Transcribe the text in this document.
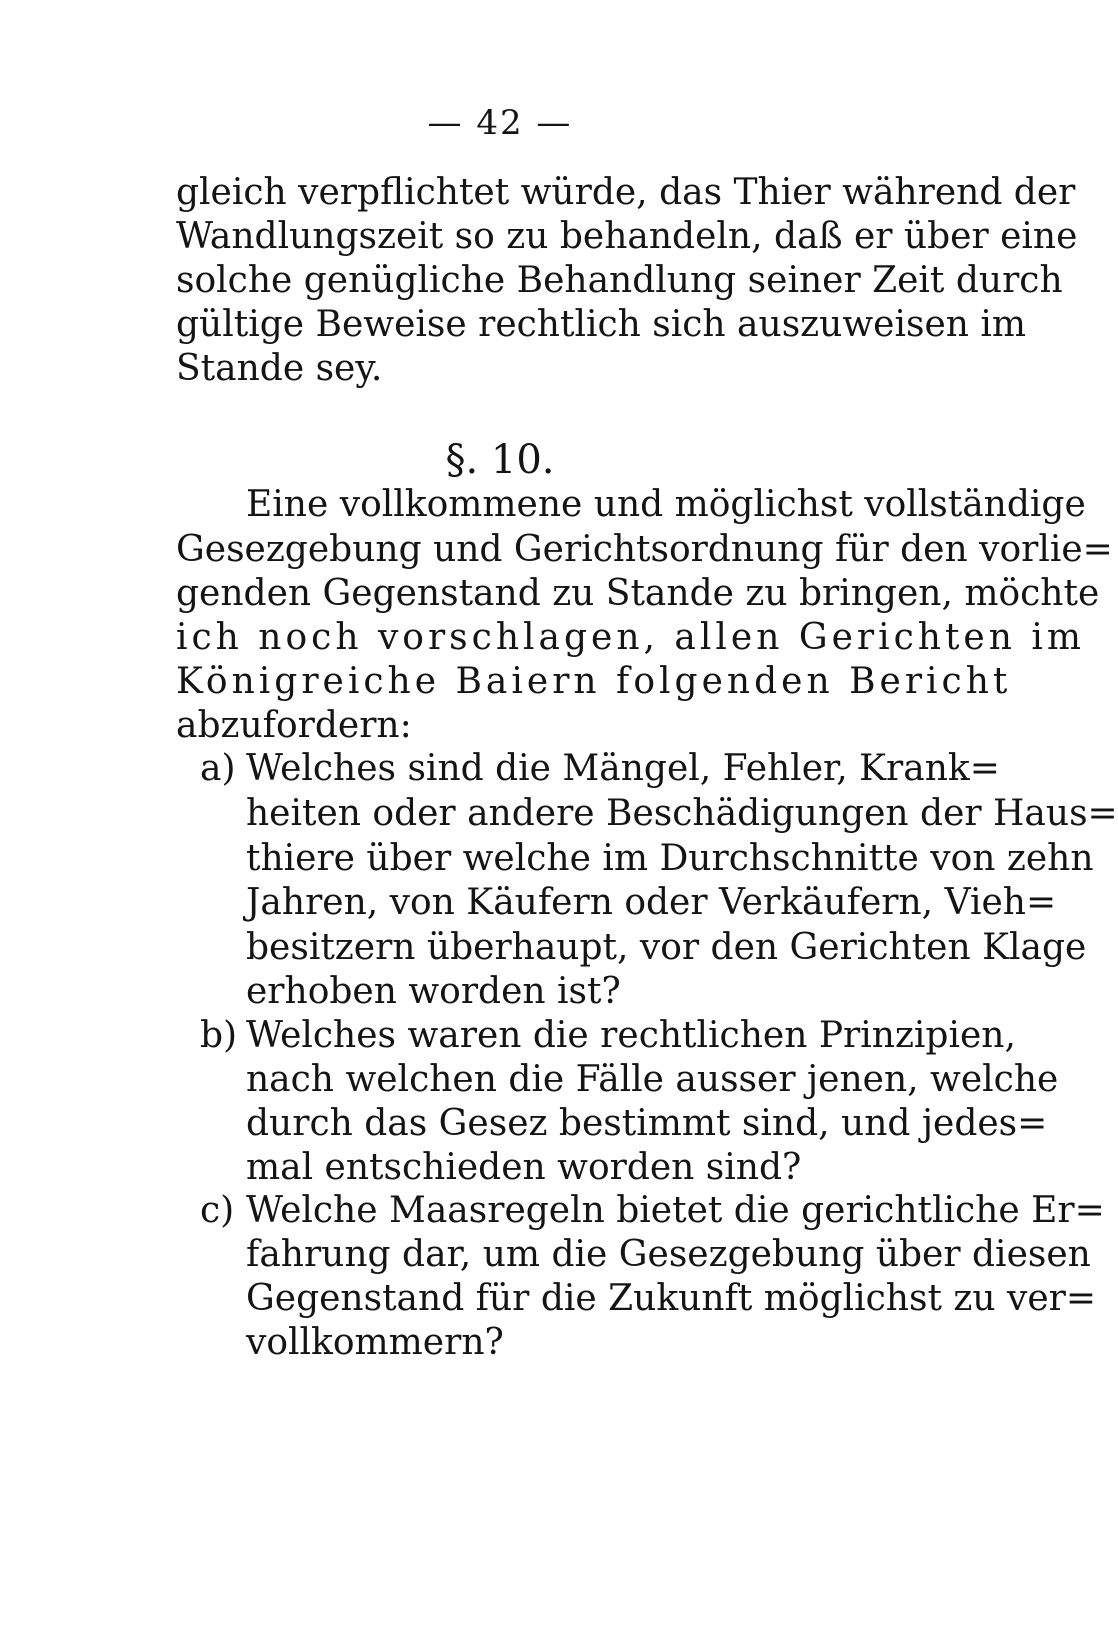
— 42 —
gleich verpflichtet würde, das Thier während der
Wandlungszeit so zu behandeln, daß er über eine
solche genügliche Behandlung seiner Zeit durch
gültige Beweise rechtlich sich auszuweisen im
Stande sey.
§. 10.
Eine vollkommene und möglichst vollständige
Gesezgebung und Gerichtsordnung für den vorlie=
genden Gegenstand zu Stande zu bringen, möchte
ich noch vorschlagen, allen Gerichten im
Königreiche Baiern folgenden Bericht
abzufordern:
a) Welches sind die Mängel, Fehler, Krank=
heiten oder andere Beschädigungen der Haus=
thiere über welche im Durchschnitte von zehn
Jahren, von Käufern oder Verkäufern, Vieh=
besitzern überhaupt, vor den Gerichten Klage
erhoben worden ist?
b) Welches waren die rechtlichen Prinzipien,
nach welchen die Fälle ausser jenen, welche
durch das Gesez bestimmt sind, und jedes=
mal entschieden worden sind?
c) Welche Maasregeln bietet die gerichtliche Er=
fahrung dar, um die Gesezgebung über diesen
Gegenstand für die Zukunft möglichst zu ver=
vollkommern?
